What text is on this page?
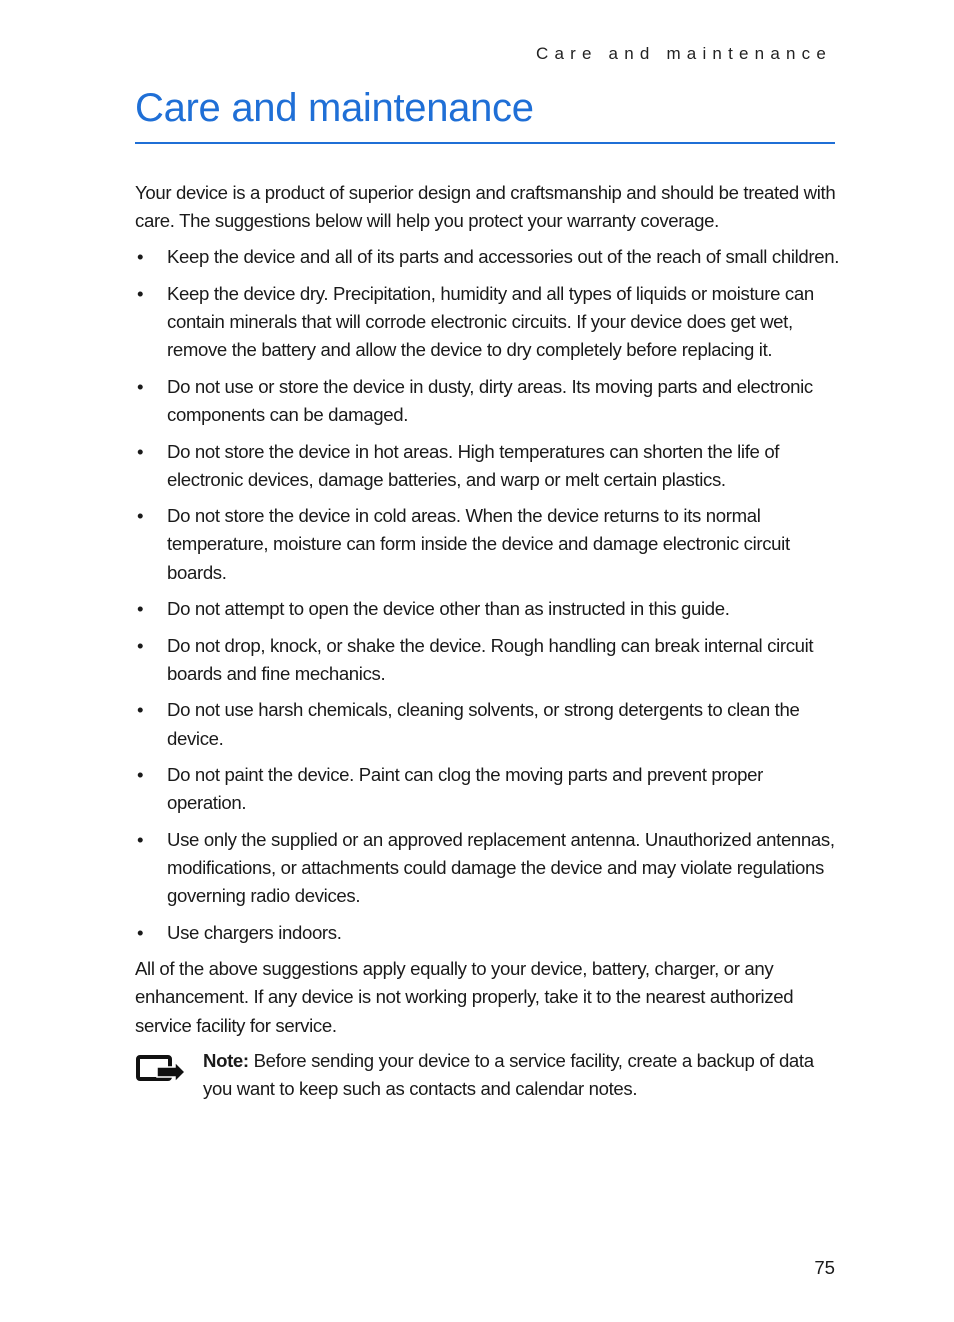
Care and maintenance
Care and maintenance

Your device is a product of superior design and craftsmanship and should be treated with care. The suggestions below will help you protect your warranty coverage.

• Keep the device and all of its parts and accessories out of the reach of small children.
• Keep the device dry. Precipitation, humidity and all types of liquids or moisture can contain minerals that will corrode electronic circuits. If your device does get wet, remove the battery and allow the device to dry completely before replacing it.
• Do not use or store the device in dusty, dirty areas. Its moving parts and electronic components can be damaged.
• Do not store the device in hot areas. High temperatures can shorten the life of electronic devices, damage batteries, and warp or melt certain plastics.
• Do not store the device in cold areas. When the device returns to its normal temperature, moisture can form inside the device and damage electronic circuit boards.
• Do not attempt to open the device other than as instructed in this guide.
• Do not drop, knock, or shake the device. Rough handling can break internal circuit boards and fine mechanics.
• Do not use harsh chemicals, cleaning solvents, or strong detergents to clean the device.
• Do not paint the device. Paint can clog the moving parts and prevent proper operation.
• Use only the supplied or an approved replacement antenna. Unauthorized antennas, modifications, or attachments could damage the device and may violate regulations governing radio devices.
• Use chargers indoors.

All of the above suggestions apply equally to your device, battery, charger, or any enhancement. If any device is not working properly, take it to the nearest authorized service facility for service.

Note: Before sending your device to a service facility, create a backup of data you want to keep such as contacts and calendar notes.
75
